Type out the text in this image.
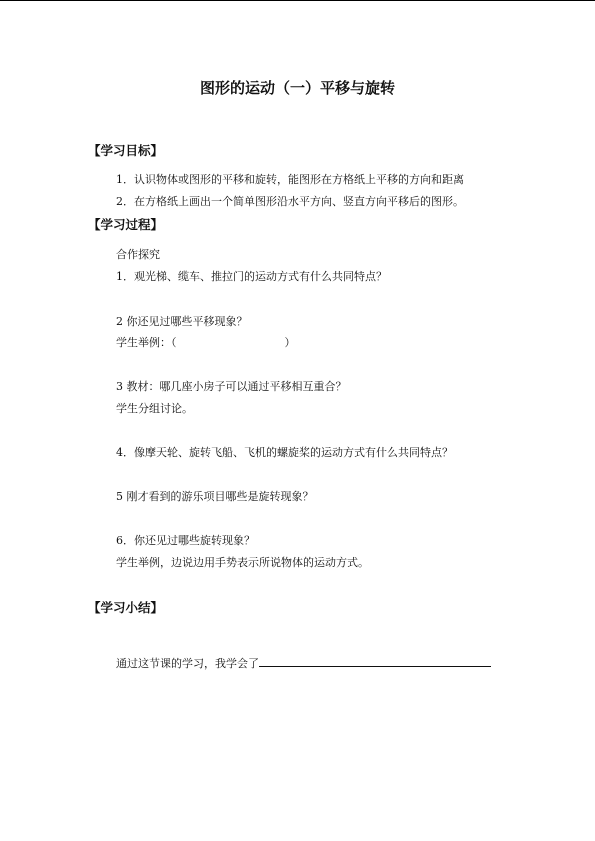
图形的运动（一）平移与旋转
【学习目标】
1．认识物体或图形的平移和旋转，能图形在方格纸上平移的方向和距离
2．在方格纸上画出一个简单图形沿水平方向、竖直方向平移后的图形。
【学习过程】
合作探究
1．观光梯、缆车、推拉门的运动方式有什么共同特点？
2 你还见过哪些平移现象？
学生举例：（	）
3 教材：哪几座小房子可以通过平移相互重合？
学生分组讨论。
4．像摩天轮、旋转飞船、飞机的螺旋桨的运动方式有什么共同特点？
5 刚才看到的游乐项目哪些是旋转现象？
6．你还见过哪些旋转现象？
学生举例，边说边用手势表示所说物体的运动方式。
【学习小结】
通过这节课的学习，我学会了
